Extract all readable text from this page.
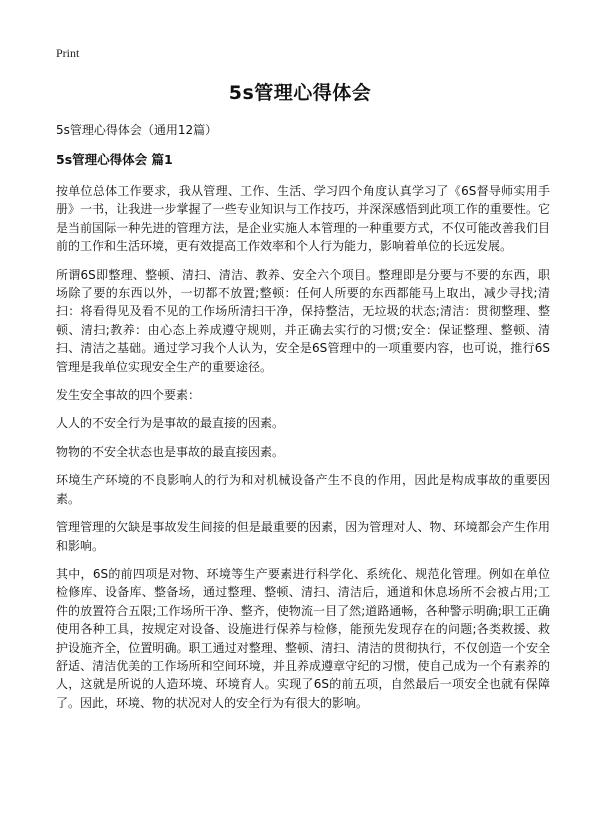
Print
5s管理心得体会

5s管理心得体会（通用12篇）

5s管理心得体会 篇1

按单位总体工作要求，我从管理、工作、生活、学习四个角度认真学习了《6S督导师实用手册》一书，让我进一步掌握了一些专业知识与工作技巧，并深深感悟到此项工作的重要性。它是当前国际一种先进的管理方法，是企业实施人本管理的一种重要方式，不仅可能改善我们目前的工作和生活环境，更有效提高工作效率和个人行为能力，影响着单位的长远发展。

所谓6S即整理、整顿、清扫、清洁、教养、安全六个项目。整理即是分要与不要的东西，职场除了要的东西以外，一切都不放置;整顿：任何人所要的东西都能马上取出，减少寻找;清扫：将看得见及看不见的工作场所清扫干净，保持整洁，无垃圾的状态;清洁：贯彻整理、整顿、清扫;教养：由心态上养成遵守规则，并正确去实行的习惯;安全：保证整理、整顿、清扫、清洁之基础。通过学习我个人认为，安全是6S管理中的一项重要内容，也可说，推行6S管理是我单位实现安全生产的重要途径。

发生安全事故的四个要素：

人人的不安全行为是事故的最直接的因素。

物物的不安全状态也是事故的最直接因素。

环境生产环境的不良影响人的行为和对机械设备产生不良的作用，因此是构成事故的重要因素。

管理管理的欠缺是事故发生间接的但是最重要的因素，因为管理对人、物、环境都会产生作用和影响。

其中，6S的前四项是对物、环境等生产要素进行科学化、系统化、规范化管理。例如在单位检修库、设备库、整备场，通过整理、整顿、清扫、清洁后，通道和休息场所不会被占用;工件的放置符合五限;工作场所干净、整齐，使物流一目了然;道路通畅，各种警示明确;职工正确使用各种工具，按规定对设备、设施进行保养与检修，能预先发现存在的问题;各类救援、救护设施齐全，位置明确。职工通过对整理、整顿、清扫、清洁的贯彻执行，不仅创造一个安全舒适、清洁优美的工作场所和空间环境，并且养成遵章守纪的习惯，使自己成为一个有素养的人，这就是所说的人造环境、环境育人。实现了6S的前五项，自然最后一项安全也就有保障了。因此，环境、物的状况对人的安全行为有很大的影响。
